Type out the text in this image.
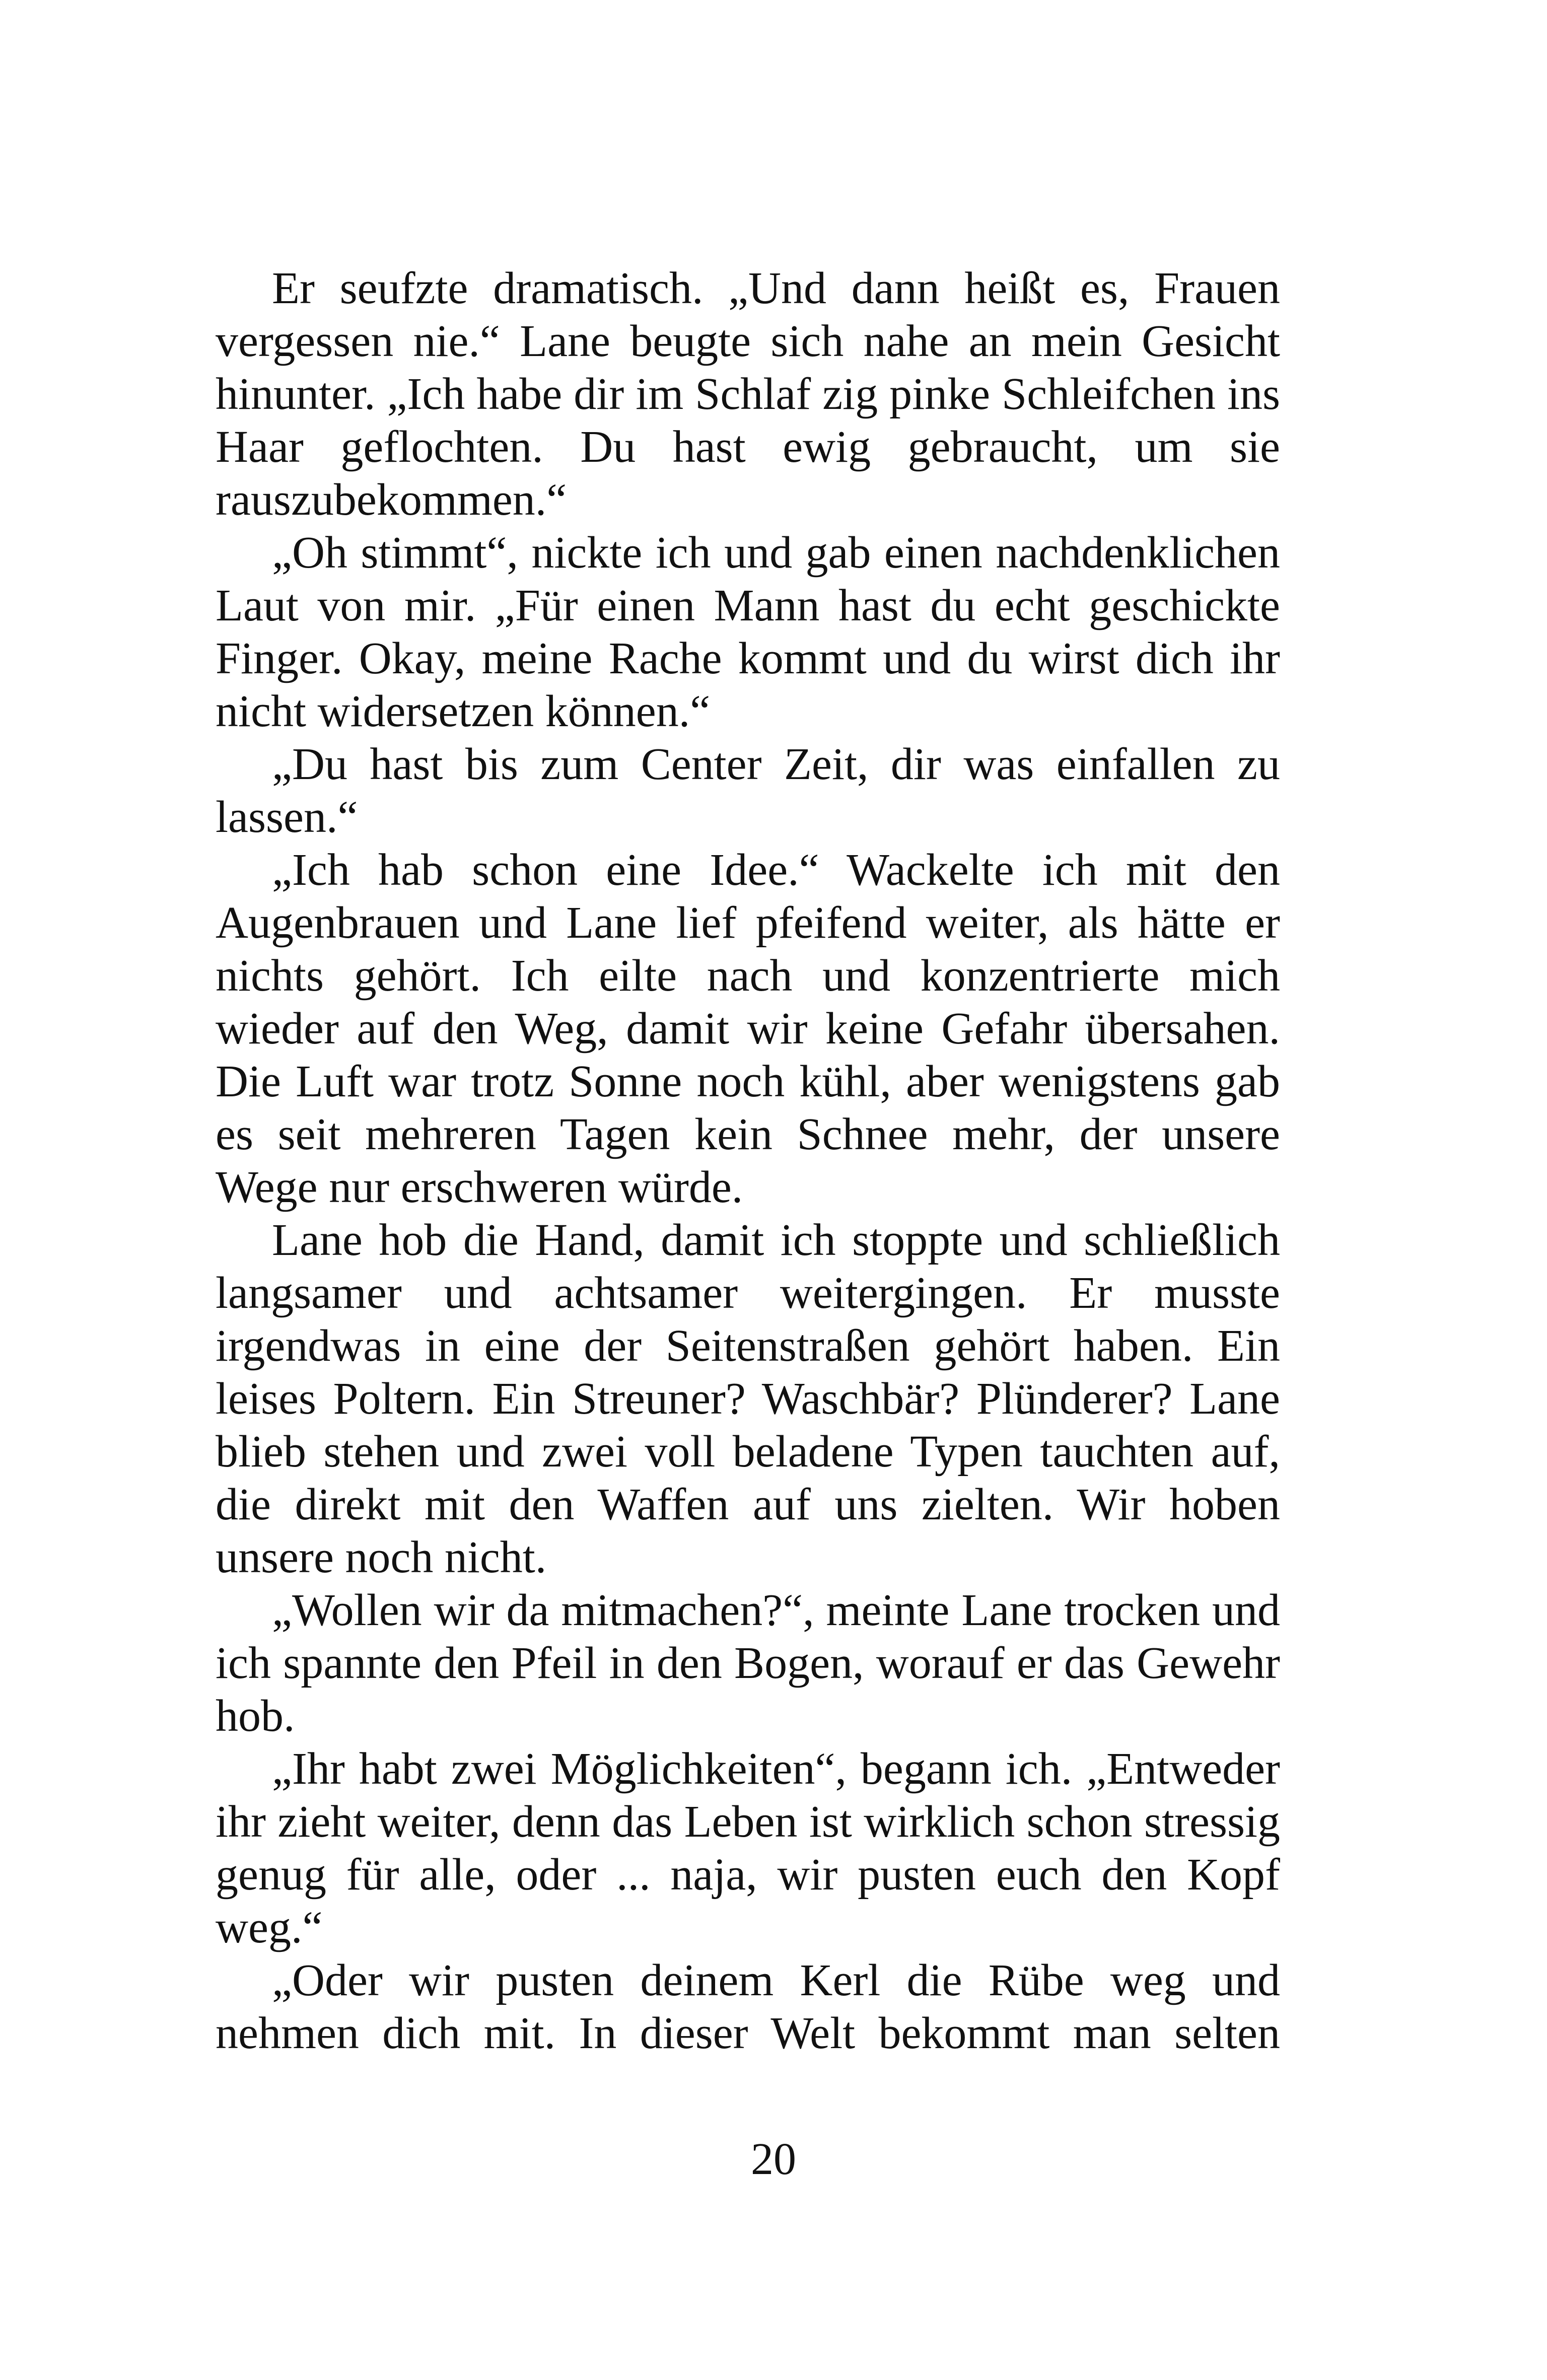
Er seufzte dramatisch. „Und dann heißt es, Frauen vergessen nie.“ Lane beugte sich nahe an mein Gesicht hinunter. „Ich habe dir im Schlaf zig pinke Schleifchen ins Haar geflochten. Du hast ewig gebraucht, um sie rauszubekommen.“

„Oh stimmt“, nickte ich und gab einen nachdenklichen Laut von mir. „Für einen Mann hast du echt geschickte Finger. Okay, meine Rache kommt und du wirst dich ihr nicht widersetzen können.“

„Du hast bis zum Center Zeit, dir was einfallen zu lassen.“

„Ich hab schon eine Idee.“ Wackelte ich mit den Augenbrauen und Lane lief pfeifend weiter, als hätte er nichts gehört. Ich eilte nach und konzentrierte mich wieder auf den Weg, damit wir keine Gefahr übersahen. Die Luft war trotz Sonne noch kühl, aber wenigstens gab es seit mehreren Tagen kein Schnee mehr, der unsere Wege nur erschweren würde.

Lane hob die Hand, damit ich stoppte und schließlich langsamer und achtsamer weitergingen. Er musste irgendwas in eine der Seitenstraßen gehört haben. Ein leises Poltern. Ein Streuner? Waschbär? Plünderer? Lane blieb stehen und zwei voll beladene Typen tauchten auf, die direkt mit den Waffen auf uns zielten. Wir hoben unsere noch nicht.

„Wollen wir da mitmachen?“, meinte Lane trocken und ich spannte den Pfeil in den Bogen, worauf er das Gewehr hob.

„Ihr habt zwei Möglichkeiten“, begann ich. „Entweder ihr zieht weiter, denn das Leben ist wirklich schon stressig genug für alle, oder ... naja, wir pusten euch den Kopf weg.“

„Oder wir pusten deinem Kerl die Rübe weg und nehmen dich mit. In dieser Welt bekommt man selten

20
